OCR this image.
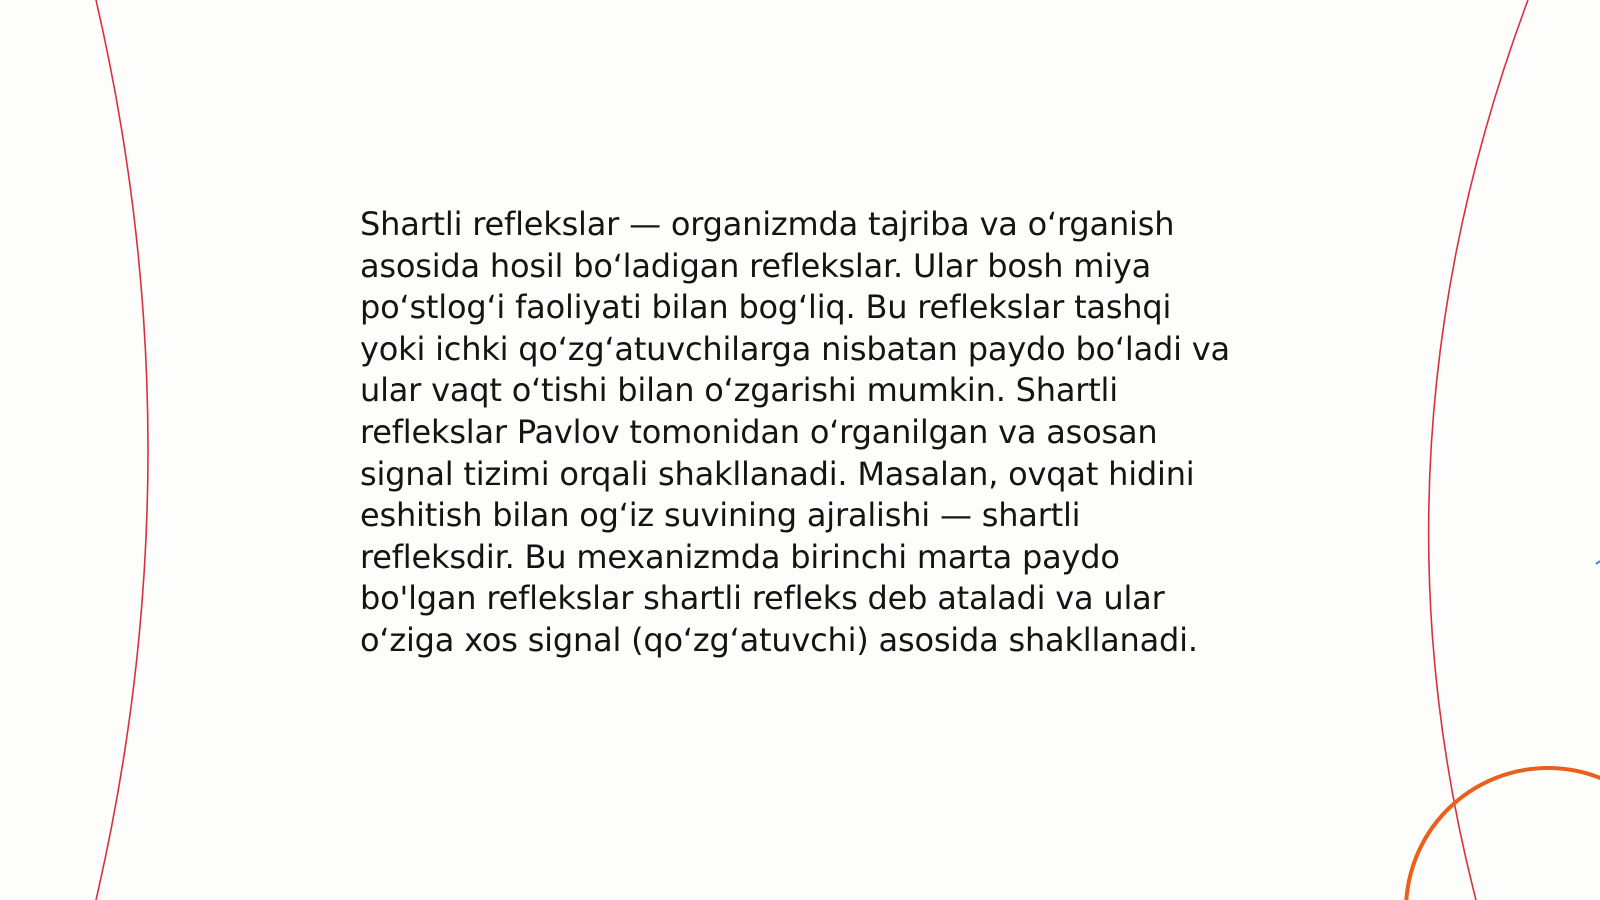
Shartli reflekslar — organizmda tajriba va oʻrganish
asosida hosil boʻladigan reflekslar. Ular bosh miya
poʻstlogʻi faoliyati bilan bogʻliq. Bu reflekslar tashqi
yoki ichki qoʻzgʻatuvchilarga nisbatan paydo boʻladi va
ular vaqt oʻtishi bilan oʻzgarishi mumkin. Shartli
reflekslar Pavlov tomonidan oʻrganilgan va asosan
signal tizimi orqali shakllanadi. Masalan, ovqat hidini
eshitish bilan ogʻiz suvining ajralishi — shartli
refleksdir. Bu mexanizmda birinchi marta paydo
bo'lgan reflekslar shartli refleks deb ataladi va ular
oʻziga xos signal (qoʻzgʻatuvchi) asosida shakllanadi.
